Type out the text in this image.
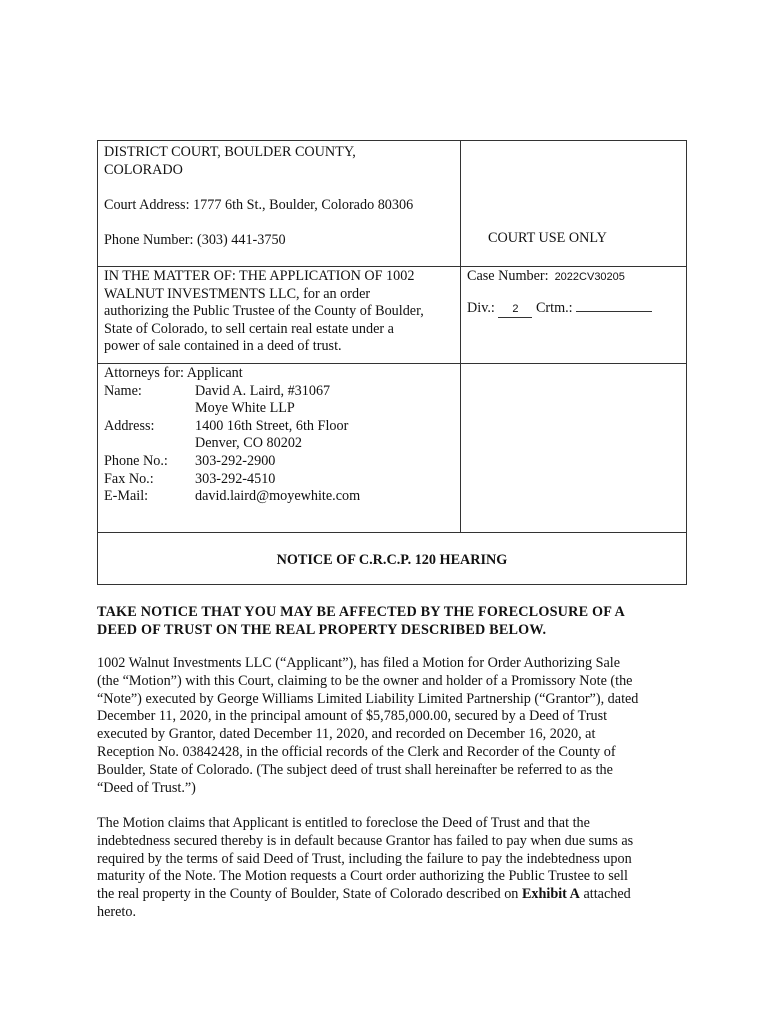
DISTRICT COURT, BOULDER COUNTY,
COLORADO
Court Address: 1777 6th St., Boulder, Colorado 80306
Phone Number: (303) 441-3750	COURT USE ONLY
IN THE MATTER OF: THE APPLICATION OF 1002
WALNUT INVESTMENTS LLC, for an order
authorizing the Public Trustee of the County of Boulder,
State of Colorado, to sell certain real estate under a
power of sale contained in a deed of trust.
Case Number: 2022CV30205
Div.: 2 Crtm.:
Attorneys for: Applicant
Name:	David A. Laird, #31067
Moye White LLP
Address:	1400 16th Street, 6th Floor
Denver, CO 80202
Phone No.:	303-292-2900
Fax No.:	303-292-4510
E-Mail:	david.laird@moyewhite.com
NOTICE OF C.R.C.P. 120 HEARING
TAKE NOTICE THAT YOU MAY BE AFFECTED BY THE FORECLOSURE OF A
DEED OF TRUST ON THE REAL PROPERTY DESCRIBED BELOW.
1002 Walnut Investments LLC (“Applicant”), has filed a Motion for Order Authorizing Sale
(the “Motion”) with this Court, claiming to be the owner and holder of a Promissory Note (the
“Note”) executed by George Williams Limited Liability Limited Partnership (“Grantor”), dated
December 11, 2020, in the principal amount of $5,785,000.00, secured by a Deed of Trust
executed by Grantor, dated December 11, 2020, and recorded on December 16, 2020, at
Reception No. 03842428, in the official records of the Clerk and Recorder of the County of
Boulder, State of Colorado. (The subject deed of trust shall hereinafter be referred to as the
“Deed of Trust.”)
The Motion claims that Applicant is entitled to foreclose the Deed of Trust and that the
indebtedness secured thereby is in default because Grantor has failed to pay when due sums as
required by the terms of said Deed of Trust, including the failure to pay the indebtedness upon
maturity of the Note. The Motion requests a Court order authorizing the Public Trustee to sell
the real property in the County of Boulder, State of Colorado described on Exhibit A attached
hereto.
